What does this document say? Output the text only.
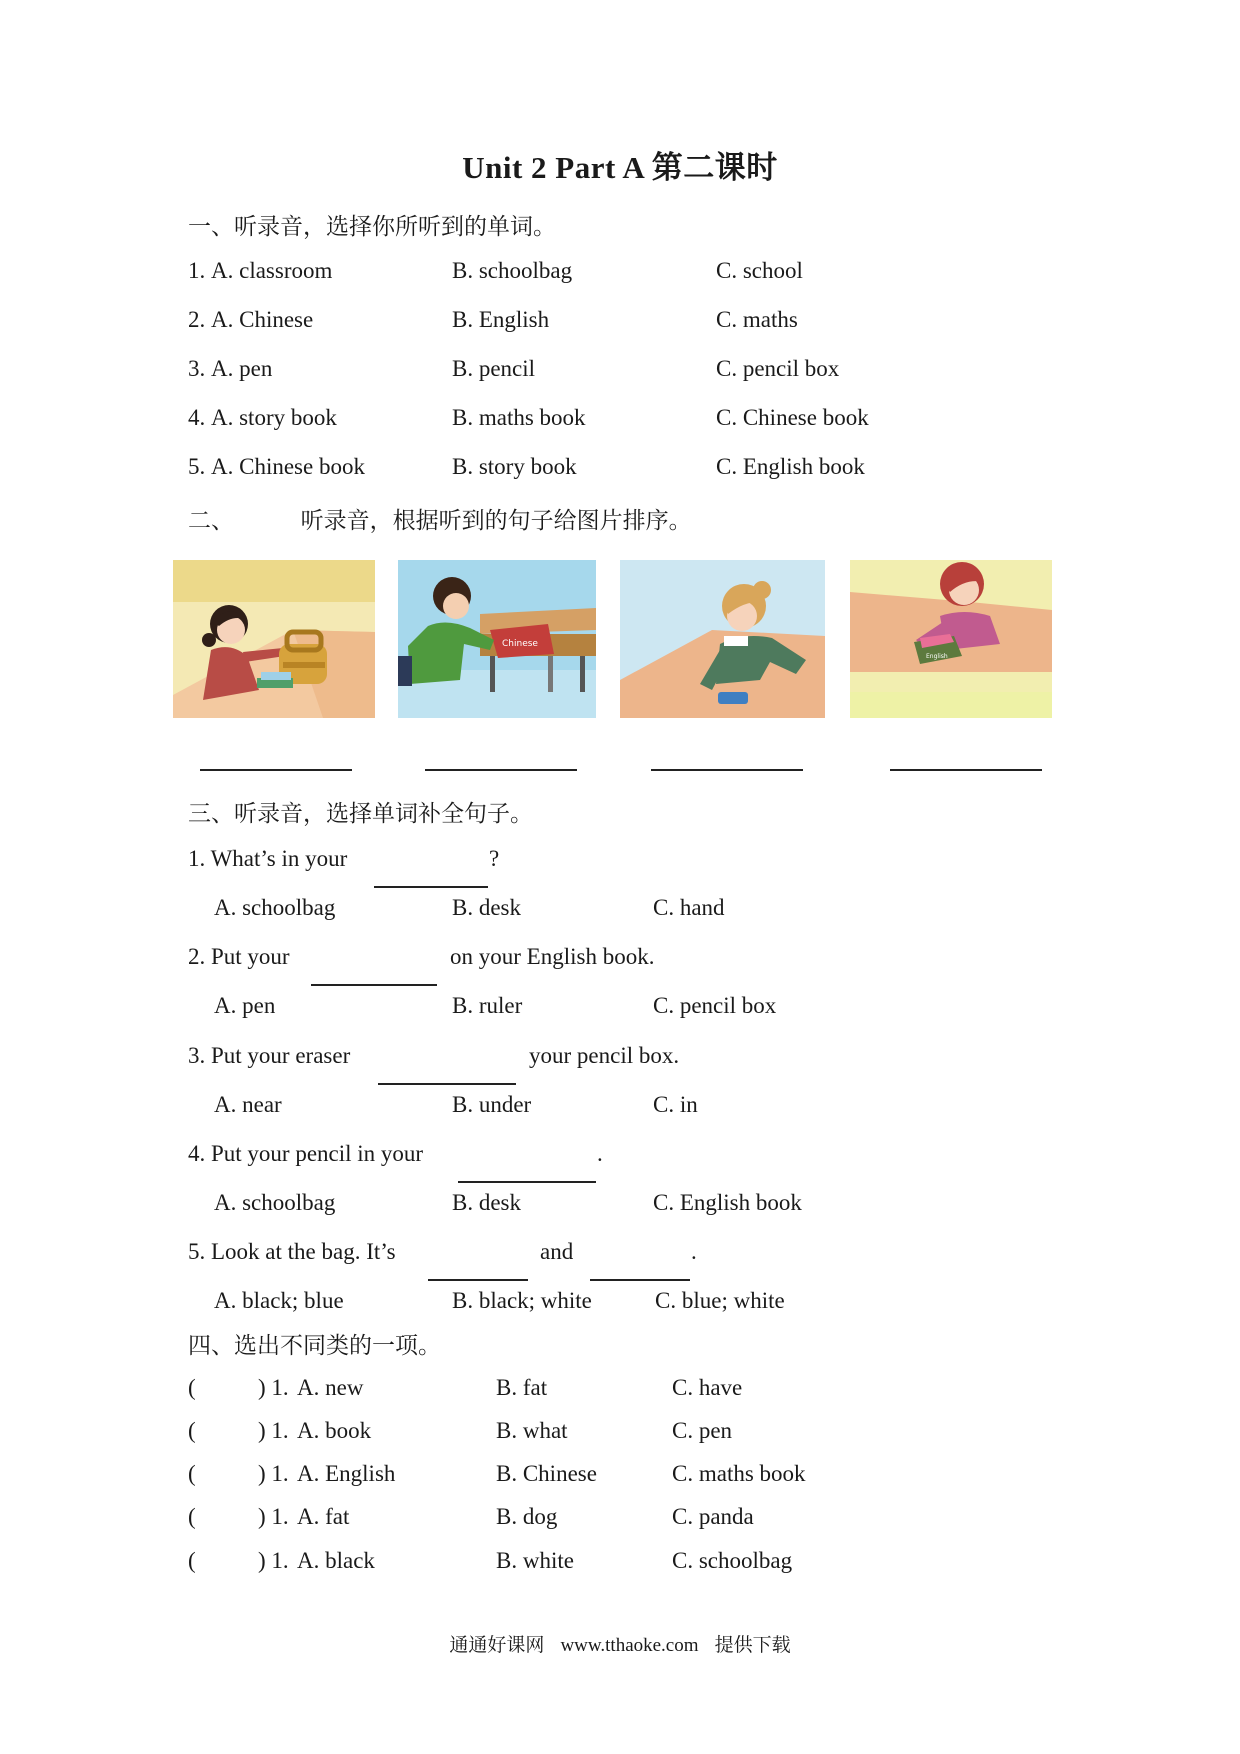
Unit 2 Part A 第二课时
一、听录音，选择你所听到的单词。
1. A. classroom	B. schoolbag	C. school
2. A. Chinese	B. English	C. maths
3. A. pen	B. pencil	C. pencil box
4. A. story book	B. maths book	C. Chinese book
5. A. Chinese book	B. story book	C. English book
二、	听录音，根据听到的句子给图片排序。
Chinese
English
三、听录音，选择单词补全句子。
1. What’s in your	?
A. schoolbag	B. desk	C. hand
2. Put your	on your English book.
A. pen	B. ruler	C. pencil box
3. Put your eraser	your pencil box.
A. near	B. under	C. in
4. Put your pencil in your	.
A. schoolbag	B. desk	C. English book
5. Look at the bag. It’s	and	.
A. black; blue	B. black; white	C. blue; white
四、选出不同类的一项。
(	) 1. A. new	B. fat	C. have
(	) 1. A. book	B. what	C. pen
(	) 1. A. English	B. Chinese	C. maths book
(	) 1. A. fat	B. dog	C. panda
(	) 1. A. black	B. white	C. schoolbag
通通好课网 www.tthaoke.com 提供下载
